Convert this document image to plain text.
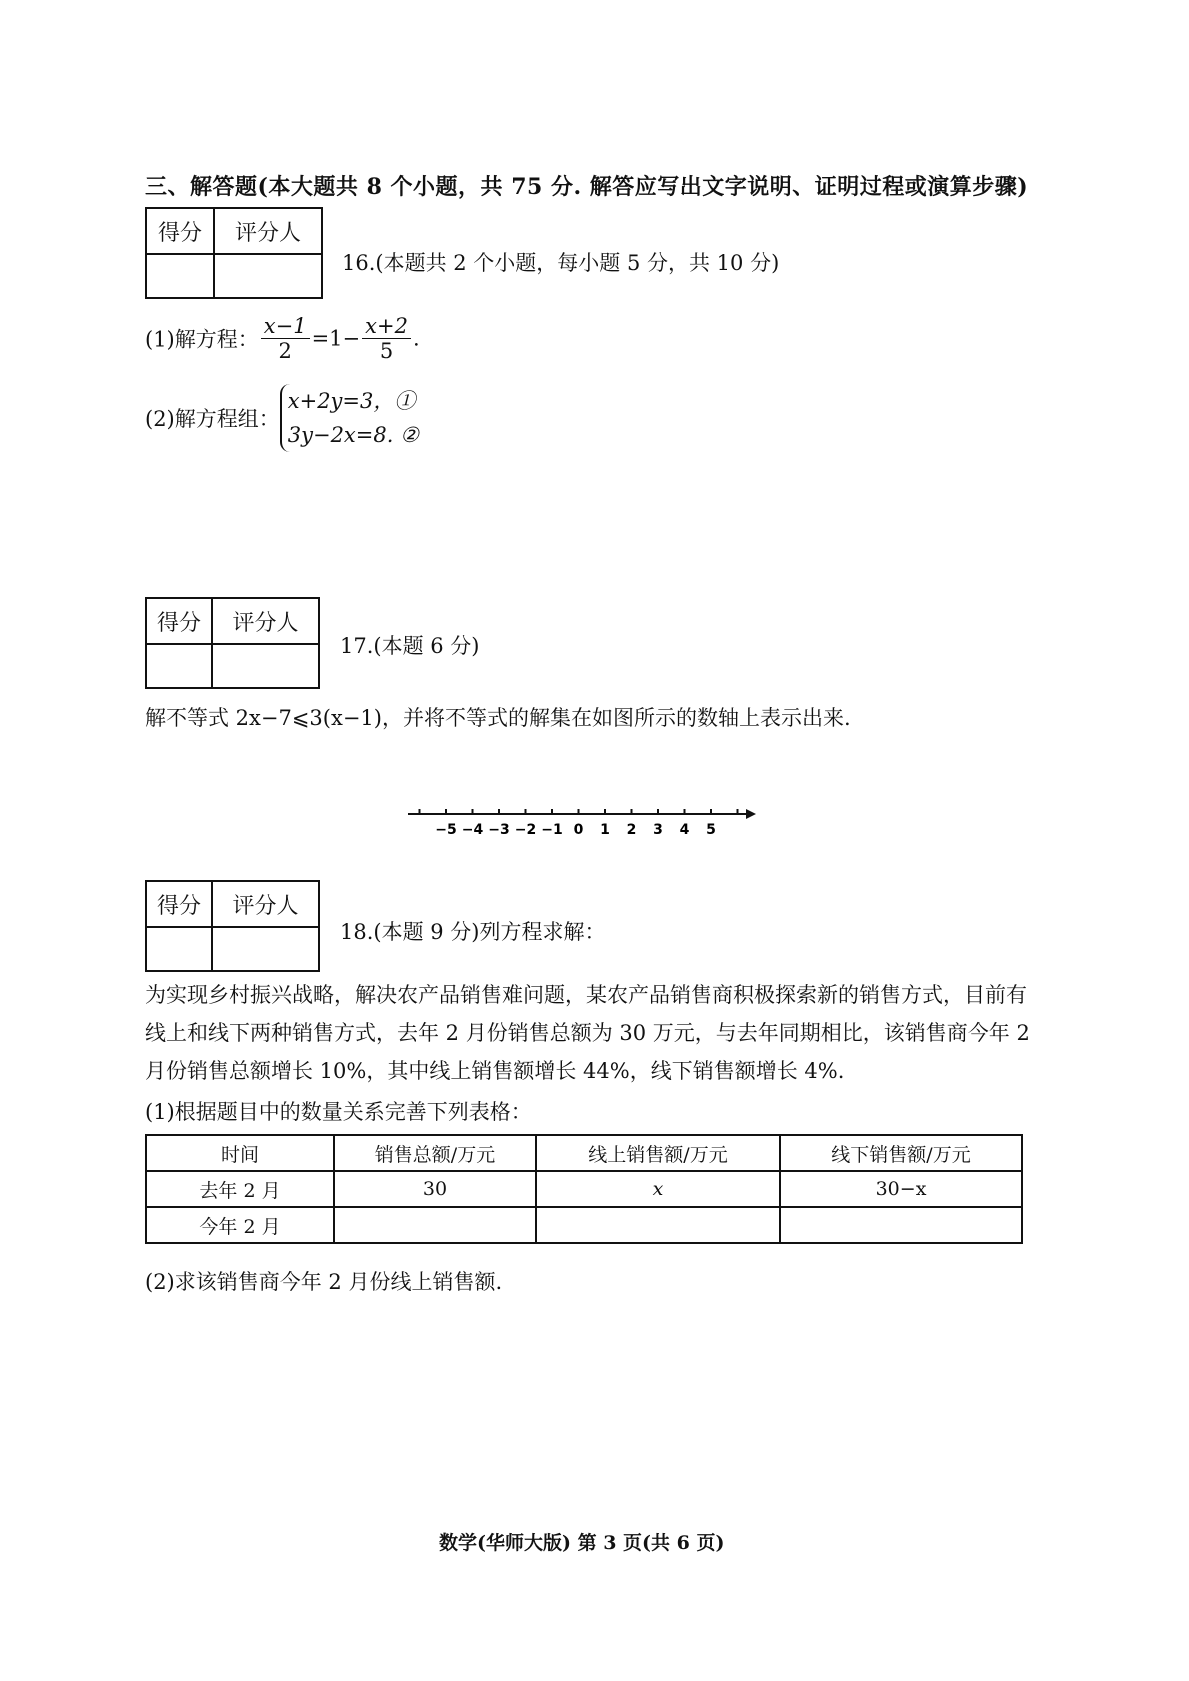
三、解答题(本大题共 8 个小题，共 75 分. 解答应写出文字说明、证明过程或演算步骤)
得分	评分人

16.(本题共 2 个小题，每小题 5 分，共 10 分)
(1)解方程： $\frac{x-1}{2} =1- \frac{x+2}{5}$ .
(2)解方程组：
x+2y=3，①
3y−2x=8. ②
得分	评分人

17.(本题 6 分)
解不等式 2x−7⩽3(x−1)，并将不等式的解集在如图所示的数轴上表示出来.
−5 −4 −3 −2 −1 0 1 2 3 4 5
得分	评分人

18.(本题 9 分)列方程求解：
为实现乡村振兴战略，解决农产品销售难问题，某农产品销售商积极探索新的销售方式，目前有
线上和线下两种销售方式，去年 2 月份销售总额为 30 万元，与去年同期相比，该销售商今年 2
月份销售总额增长 10%，其中线上销售额增长 44%，线下销售额增长 4%.
(1)根据题目中的数量关系完善下列表格：
时间	销售总额/万元	线上销售额/万元	线下销售额/万元
去年 2 月	30	x	30−x
今年 2 月			
(2)求该销售商今年 2 月份线上销售额.
数学(华师大版) 第 3 页(共 6 页)
